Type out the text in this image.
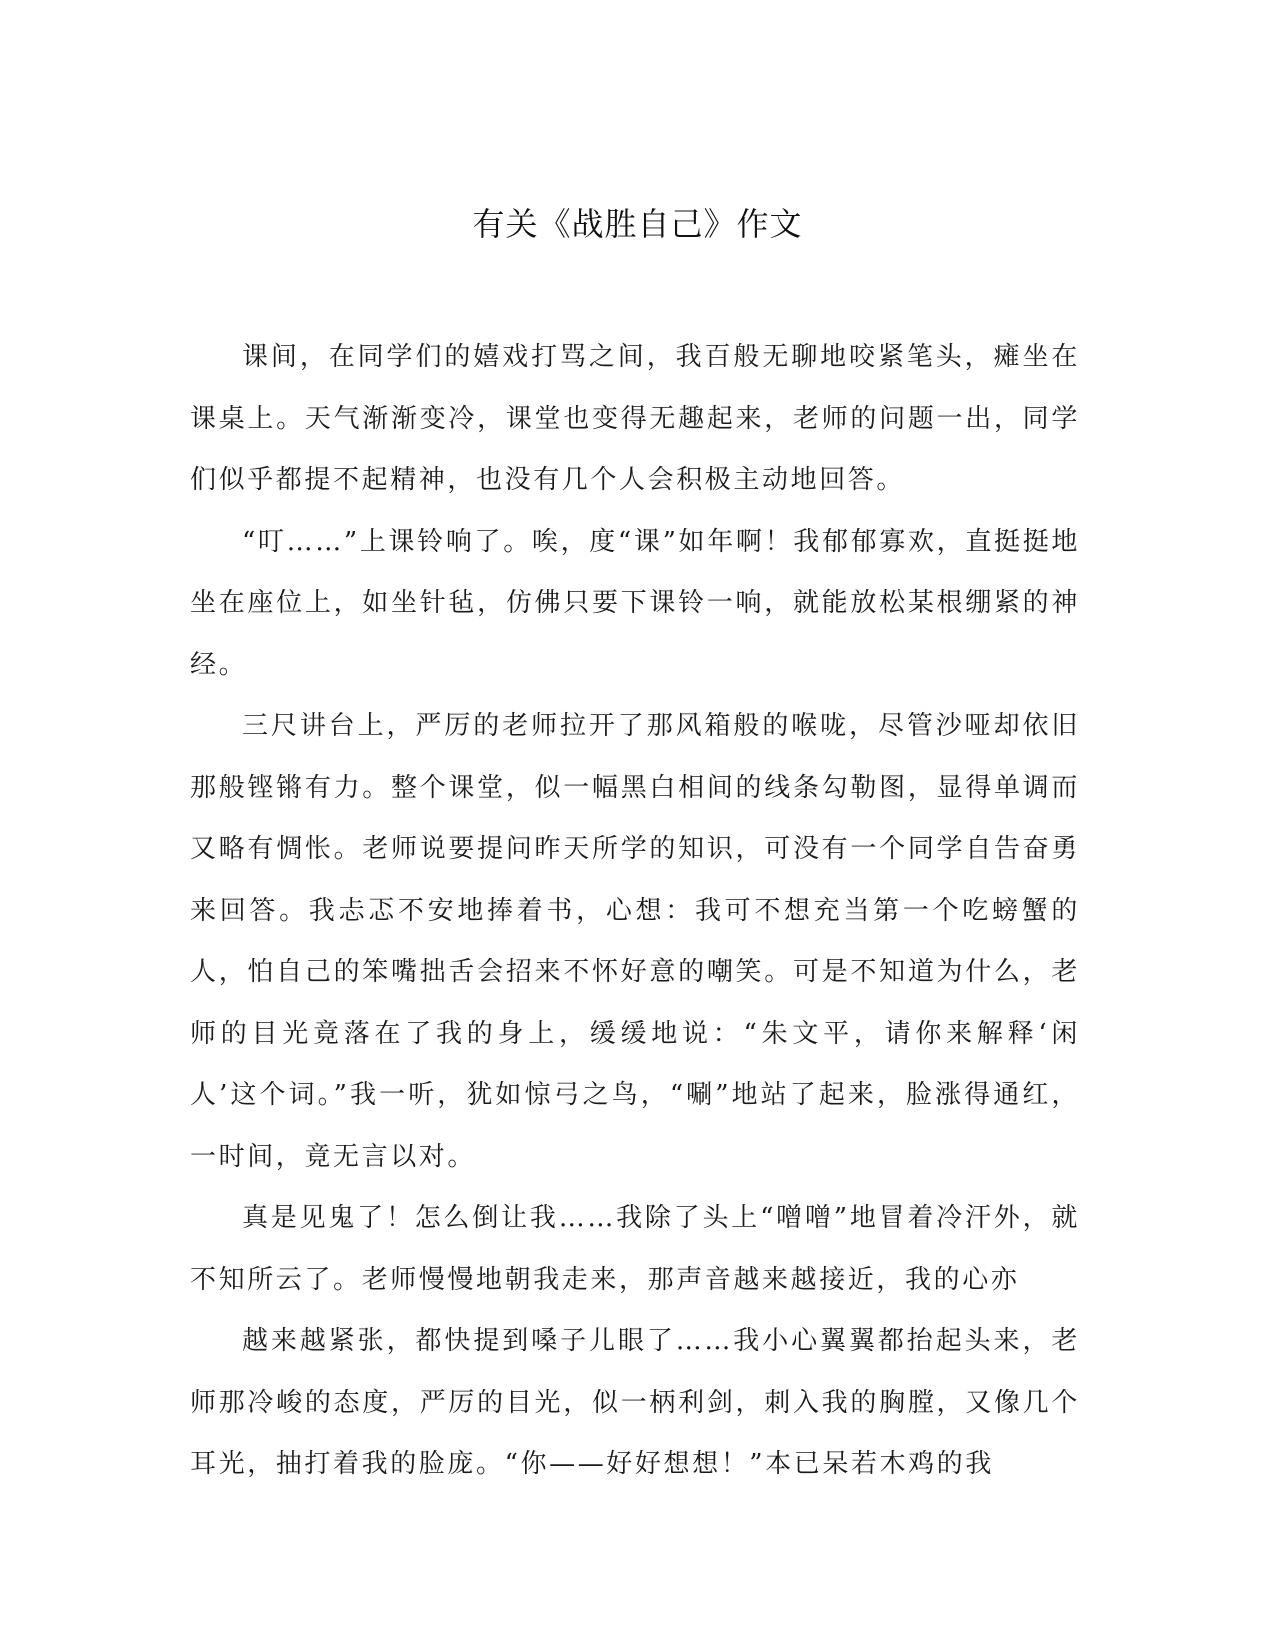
有关《战胜自己》作文

课间，在同学们的嬉戏打骂之间，我百般无聊地咬紧笔头，瘫坐在课桌上。天气渐渐变冷，课堂也变得无趣起来，老师的问题一出，同学们似乎都提不起精神，也没有几个人会积极主动地回答。

“叮……”上课铃响了。唉，度“课”如年啊！我郁郁寡欢，直挺挺地坐在座位上，如坐针毡，仿佛只要下课铃一响，就能放松某根绷紧的神经。

三尺讲台上，严厉的老师拉开了那风箱般的喉咙，尽管沙哑却依旧那般铿锵有力。整个课堂，似一幅黑白相间的线条勾勒图，显得单调而又略有惆怅。老师说要提问昨天所学的知识，可没有一个同学自告奋勇来回答。我忐忑不安地捧着书，心想：我可不想充当第一个吃螃蟹的人，怕自己的笨嘴拙舌会招来不怀好意的嘲笑。可是不知道为什么，老师的目光竟落在了我的身上，缓缓地说：“朱文平，请你来解释‘闲人’这个词。”我一听，犹如惊弓之鸟，“唰”地站了起来，脸涨得通红，一时间，竟无言以对。

真是见鬼了！怎么倒让我……我除了头上“噌噌”地冒着冷汗外，就不知所云了。老师慢慢地朝我走来，那声音越来越接近，我的心亦

越来越紧张，都快提到嗓子儿眼了……我小心翼翼都抬起头来，老师那冷峻的态度，严厉的目光，似一柄利剑，刺入我的胸膛，又像几个耳光，抽打着我的脸庞。“你——好好想想！”本已呆若木鸡的我
